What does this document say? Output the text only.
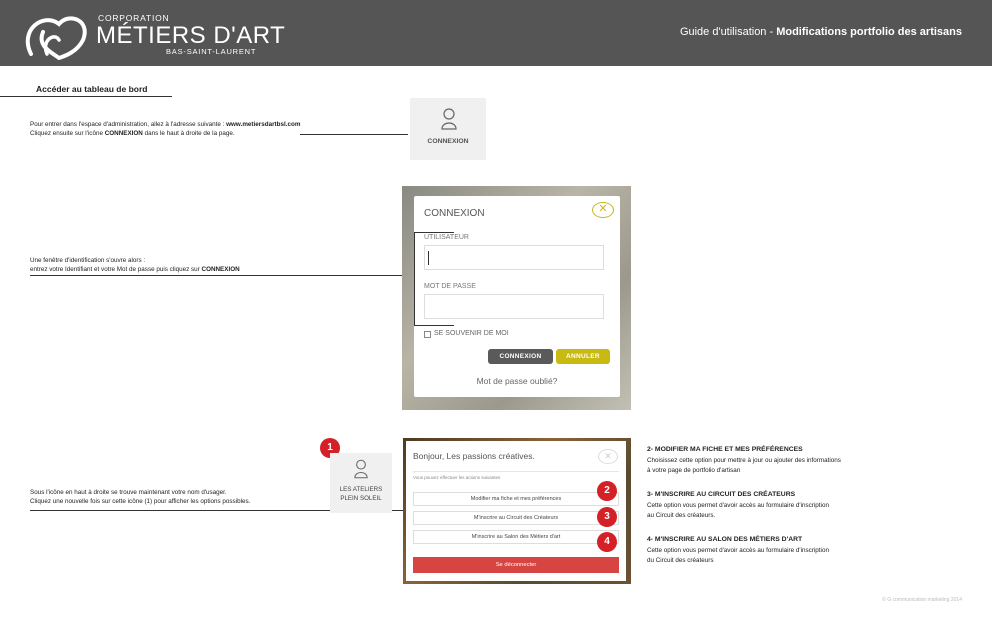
CORPORATION
MÉTIERS D'ART
BAS-SAINT-LAURENT
Guide d'utilisation - Modifications portfolio des artisans
Accéder au tableau de bord
Pour entrer dans l'espace d'administration, allez à l'adresse suivante : www.metiersdartbsl.com
Cliquez ensuite sur l'icône CONNEXION dans le haut à droite de la page.
CONNEXION
Une fenêtre d'identification s'ouvre alors :
entrez votre Identifiant et votre Mot de passe puis cliquez sur CONNEXION
CONNEXION	✕
UTILISATEUR
MOT DE PASSE
SE SOUVENIR DE MOI
CONNEXION	ANNULER
Mot de passe oublié?
Sous l'icône en haut à droite se trouve maintenant votre nom d'usager.
Cliquez une nouvelle fois sur cette icône (1) pour afficher les options possibles.
1
LES ATELIERS
PLEIN SOLEIL
Bonjour, Les passions créatives.	✕
Vous pouvez effectuer les actions suivantes
Modifier ma fiche et mes préférences
M'inscrire au Circuit des Créateurs
M'inscrire au Salon des Métiers d'art
Se déconnecter
2
3
4
2- MODIFIER MA FICHE ET MES PRÉFÉRENCES
Choisissez cette option pour mettre à jour ou ajouter des informations
à votre page de portfolio d'artisan
3- M'INSCRIRE AU CIRCUIT DES CRÉATEURS
Cette option vous permet d'avoir accès au formulaire d'inscription
au Circuit des créateurs.
4- M'INSCRIRE AU SALON DES MÉTIERS D'ART
Cette option vous permet d'avoir accès au formulaire d'inscription
du Circuit des créateurs
© G communication marketing 2014
